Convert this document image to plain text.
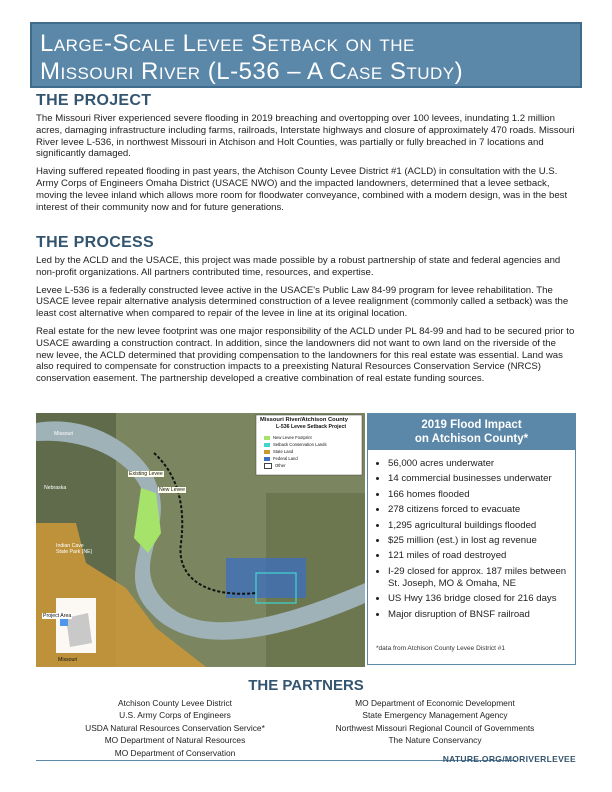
Large-Scale Levee Setback on the
Missouri River (L-536 – A Case Study)
THE PROJECT

The Missouri River experienced severe flooding in 2019 breaching and overtopping over 100 levees, inundating 1.2 million acres, damaging infrastructure including farms, railroads, Interstate highways and closure of approximately 470 roads. Missouri River levee L-536, in northwest Missouri in Atchison and Holt Counties, was partially or fully breached in 7 locations and significantly damaged.

Having suffered repeated flooding in past years, the Atchison County Levee District #1 (ACLD) in consultation with the U.S. Army Corps of Engineers Omaha District (USACE NWO) and the impacted landowners, determined that a levee setback, moving the levee inland which allows more room for floodwater conveyance, combined with a modern design, was in the best interest of their community now and for future generations.

THE PROCESS

Led by the ACLD and the USACE, this project was made possible by a robust partnership of state and federal agencies and non-profit organizations. All partners contributed time, resources, and expertise.

Levee L-536 is a federally constructed levee active in the USACE's Public Law 84-99 program for levee rehabilitation. The USACE levee repair alternative analysis determined construction of a levee realignment (commonly called a setback) was the least cost alternative when compared to repair of the levee in line at its original location.

Real estate for the new levee footprint was one major responsibility of the ACLD under PL 84-99 and had to be secured prior to USACE awarding a construction contract. In addition, since the landowners did not want to own land on the riverside of the new levee, the ACLD determined that providing compensation to the landowners for this real estate was essential. Land was also required to compensate for construction impacts to a preexisting Natural Resources Conservation Service (NRCS) conservation easement. The partnership developed a creative combination of real estate funding sources.

Missouri River/Atchison County
L-536 Levee Setback Project
New Levee Footprint
Setback Conservation Lands
State Land
Federal Land
Other
Missouri
Existing Levee
New Levee
Nebraska
Indian Cave State Park (NE)
Missouri
Project Area
2019 Flood Impact
on Atchison County*
• 56,000 acres underwater
• 14 commercial businesses underwater
• 166 homes flooded
• 278 citizens forced to evacuate
• 1,295 agricultural buildings flooded
• $25 million (est.) in lost ag revenue
• 121 miles of road destroyed
• I-29 closed for approx. 187 miles between St. Joseph, MO & Omaha, NE
• US Hwy 136 bridge closed for 216 days
• Major disruption of BNSF railroad
*data from Atchison County Levee District #1
THE PARTNERS
Atchison County Levee District
U.S. Army Corps of Engineers
USDA Natural Resources Conservation Service*
MO Department of Natural Resources
MO Department of Conservation
MO Department of Economic Development
State Emergency Management Agency
Northwest Missouri Regional Council of Governments
The Nature Conservancy
NATURE.ORG/MORIVERLEVEE
